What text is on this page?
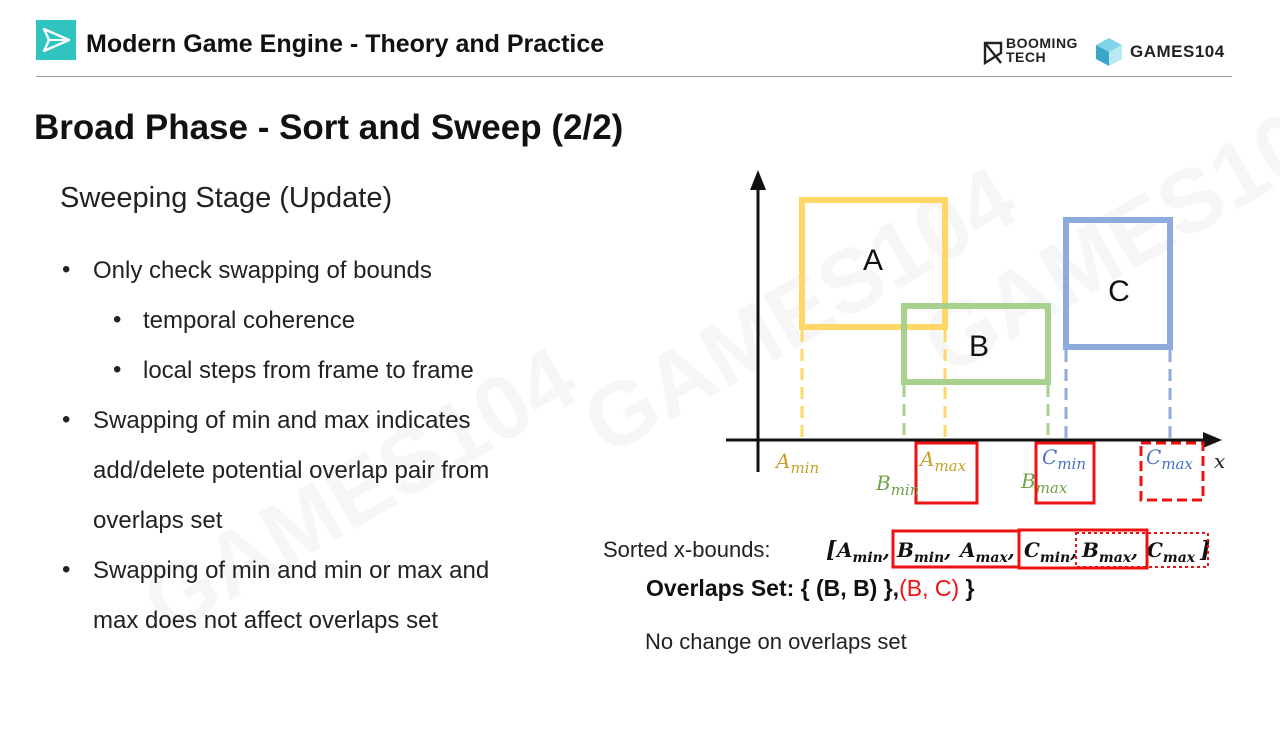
Modern Game Engine - Theory and Practice	BOOMING
TECH	GAMES104
Broad Phase - Sort and Sweep (2/2)
Sweeping Stage (Update)
• Only check swapping of bounds
• temporal coherence
• local steps from frame to frame
• Swapping of min and max indicates
add/delete potential overlap pair from
overlaps set
• Swapping of min and min or max and
max does not affect overlaps set
A
B
C
$A_{min}$	$A_{max}$
$B_{min}$	$B_{max}$
$C_{min}$	$C_{max}$ x
[ $A_{min}$, $B_{min}$, $A_{max}$, $C_{min}$, $B_{max}$, $C_{max}$ ]
Sorted x-bounds:
Overlaps Set: { (B, B) },(B, C) }
No change on overlaps set
